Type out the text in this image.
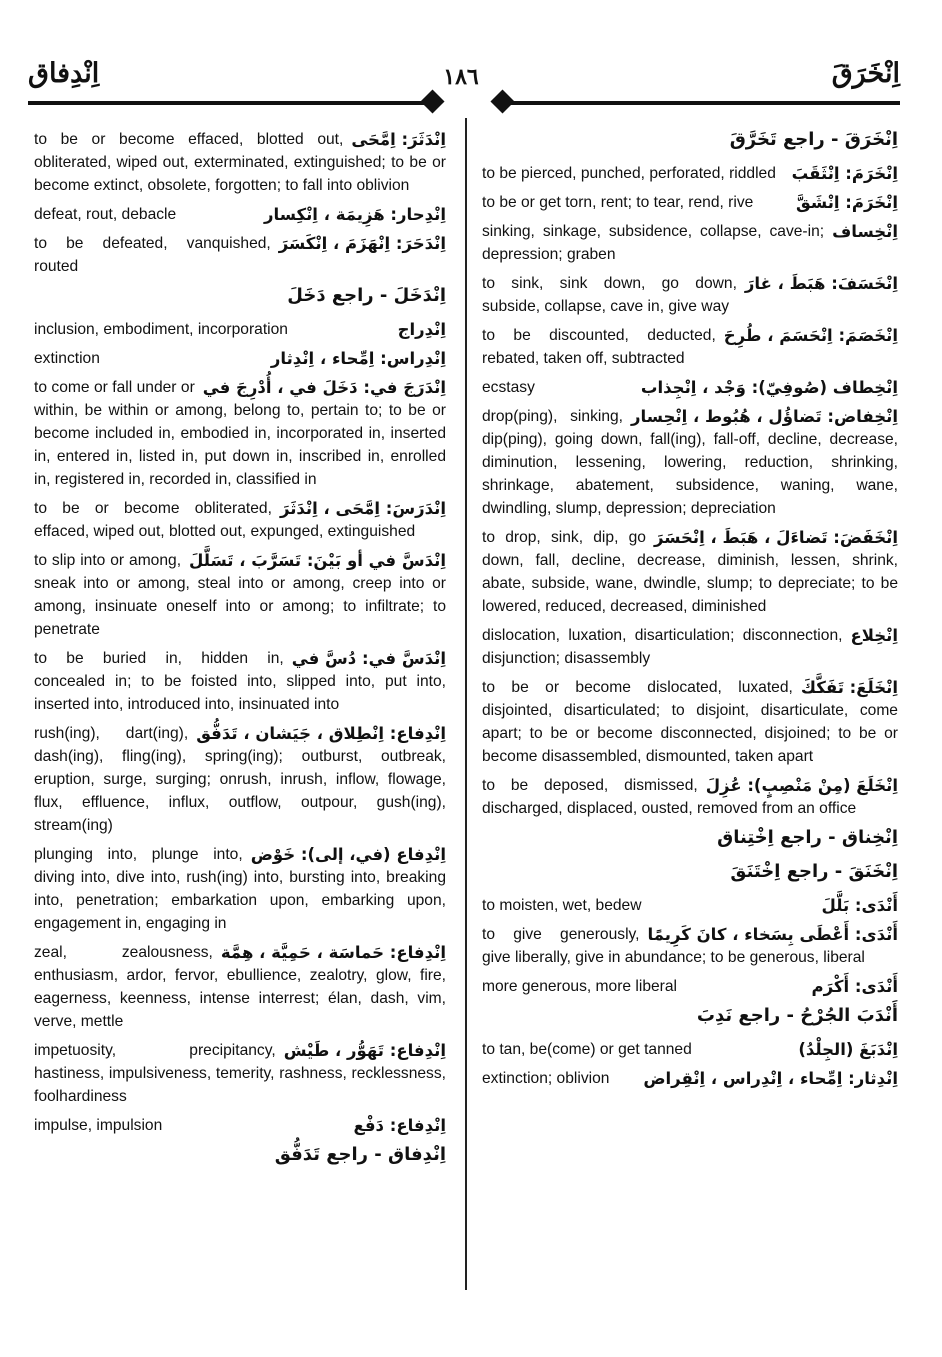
اِنْدِفاق	١٨٦	اِنْخَرَقَ
اِنْدَثَرَ: اِمَّحَى
to be or become effaced, blotted out, obliterated, wiped out, exterminated, extinguished; to be or become extinct, obsolete, forgotten; to fall into oblivion
اِنْدِحار: هَزِيمَة ، اِنْكِسار
defeat, rout, debacle
اِنْدَحَرَ: اِنْهَزَمَ ، اِنْكَسَرَ
to be defeated, vanquished, routed
اِنْدَخَلَ - راجع دَخَلَ
اِنْدِراج
inclusion, embodiment, incorporation
اِنْدِراس: اِمِّحاء ، اِنْدِثار
extinction
اِنْدَرَجَ في: دَخَلَ في ، أُدْرِجَ في
to come or fall under or within, be within or among, belong to, pertain to; to be or become included in, embodied in, incorporated in, inserted in, entered in, listed in, put down in, inscribed in, enrolled in, registered in, recorded in, classified in
اِنْدَرَسَ: اِمَّحَى ، اِنْدَثَرَ
to be or become obliterated, effaced, wiped out, blotted out, expunged, extinguished
اِنْدَسَّ في أو بَيْنَ: تَسَرَّبَ ، تَسَلَّلَ
to slip into or among, sneak into or among, steal into or among, creep into or among, insinuate oneself into or among; to infiltrate; to penetrate
اِنْدَسَّ في: دُسَّ في
to be buried in, hidden in, concealed in; to be foisted into, slipped into, put into, inserted into, introduced into, insinuated into
اِنْدِفاع: اِنْطِلاق ، جَيَشان ، تَدَفُّق
rush(ing), dart(ing), dash(ing), fling(ing), spring(ing); outburst, outbreak, eruption, surge, surging; onrush, inrush, inflow, flowage, flux, effluence, influx, outflow, outpour, gush(ing), stream(ing)
اِنْدِفاع (في، إلى): خَوْض
plunging into, plunge into, diving into, dive into, rush(ing) into, bursting into, breaking into, penetration; embarkation upon, embarking upon, engagement in, engaging in
اِنْدِفاع: حَماسَة ، حَمِيَّة ، هِمَّة
zeal, zealousness, enthusiasm, ardor, fervor, ebullience, zealotry, glow, fire, eagerness, keenness, intense interrest; élan, dash, vim, verve, mettle
اِنْدِفاع: تَهَوُّر ، طَيْش
impetuosity, precipitancy, hastiness, impulsiveness, temerity, rashness, recklessness, foolhardiness
اِنْدِفاع: دَفْع
impulse, impulsion
اِنْدِفاق - راجع تَدَفُّق
اِنْخَرَقَ - راجع تَخَرَّقَ
اِنْخَرَمَ: اِنْثَقَبَ
to be pierced, punched, perforated, riddled
اِنْخَرَمَ: اِنْشَقَّ
to be or get torn, rent; to tear, rend, rive
اِنْخِساف
sinking, sinkage, subsidence, collapse, cave-in; depression; graben
اِنْخَسَفَ: هَبَطَ ، غارَ
to sink, sink down, go down, subside, collapse, cave in, give way
اِنْخَصَمَ: اِنْحَسَمَ ، طُرِحَ
to be discounted, deducted, rebated, taken off, subtracted
اِنْخِطاف (صُوفِيّ): وَجْد ، اِنْجِذاب
ecstasy
اِنْخِفاض: تَضاؤُل ، هُبُوط ، اِنْحِسار
drop(ping), sinking, dip(ping), going down, fall(ing), fall-off, decline, decrease, diminution, lessening, lowering, reduction, shrinking, shrinkage, abatement, subsidence, waning, wane, dwindling, slump, depression; depreciation
اِنْخَفَضَ: تَضاءَلَ ، هَبَطَ ، اِنْحَسَرَ
to drop, sink, dip, go down, fall, decline, decrease, diminish, lessen, shrink, abate, subside, wane, dwindle, slump; to depreciate; to be lowered, reduced, decreased, diminished
اِنْخِلاع
dislocation, luxation, disarticulation; disconnection, disjunction; disassembly
اِنْخَلَعَ: تَفَكَّكَ
to be or become dislocated, luxated, disjointed, disarticulated; to disjoint, disarticulate, come apart; to be or become disconnected, disjoined; to be or become disassembled, dismounted, taken apart
اِنْخَلَعَ (مِنْ مَنْصِبٍ): عُزِلَ
to be deposed, dismissed, discharged, displaced, ousted, removed from an office
اِنْخِناق - راجع اِخْتِناق
اِنْخَنَقَ - راجع اِخْتَنَقَ
أَنْدَى: بَلَّلَ
to moisten, wet, bedew
أَنْدَى: أَعْطَى بِسَخاء ، كانَ كَرِيمًا
to give generously, give liberally, give in abundance; to be generous, liberal
أَنْدَى: أَكْرَم
more generous, more liberal
أَنْدَبَ الجُرْحُ - راجع نَدِبَ
اِنْدَبَغَ (الجِلْدُ)
to tan, be(come) or get tanned
اِنْدِثار: اِمِّحاء ، اِنْدِراس ، اِنْقِراض
extinction; oblivion
